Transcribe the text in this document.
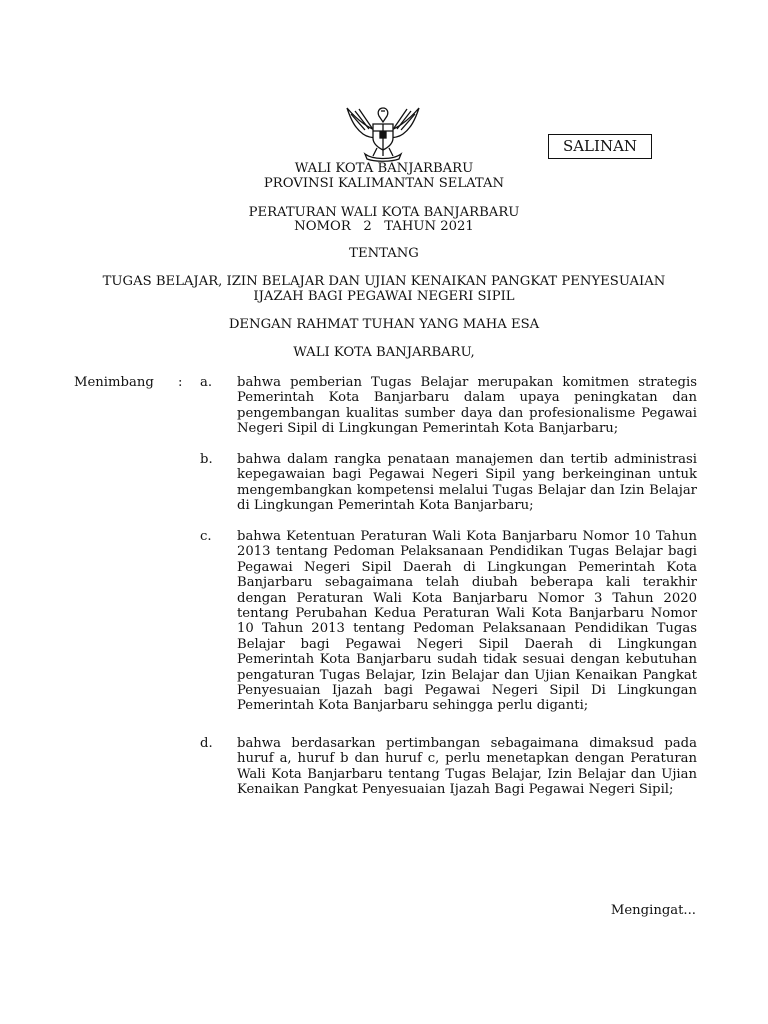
SALINAN
WALI KOTA BANJARBARU
PROVINSI KALIMANTAN SELATAN
PERATURAN WALI KOTA BANJARBARU
NOMOR   2   TAHUN 2021
TENTANG
TUGAS BELAJAR, IZIN BELAJAR DAN UJIAN KENAIKAN PANGKAT PENYESUAIAN
IJAZAH BAGI PEGAWAI NEGERI SIPIL
DENGAN RAHMAT TUHAN YANG MAHA ESA
WALI KOTA BANJARBARU,
Menimbang : a. bahwa pemberian Tugas Belajar merupakan komitmen strategis Pemerintah Kota Banjarbaru dalam upaya peningkatan dan pengembangan kualitas sumber daya dan profesionalisme Pegawai Negeri Sipil di Lingkungan Pemerintah Kota Banjarbaru;
b. bahwa dalam rangka penataan manajemen dan tertib administrasi kepegawaian bagi Pegawai Negeri Sipil yang berkeinginan untuk mengembangkan kompetensi melalui Tugas Belajar dan Izin Belajar di Lingkungan Pemerintah Kota Banjarbaru;
c. bahwa Ketentuan Peraturan Wali Kota Banjarbaru Nomor 10 Tahun 2013 tentang Pedoman Pelaksanaan Pendidikan Tugas Belajar bagi Pegawai Negeri Sipil Daerah di Lingkungan Pemerintah Kota Banjarbaru sebagaimana telah diubah beberapa kali terakhir dengan Peraturan Wali Kota Banjarbaru Nomor 3 Tahun 2020 tentang Perubahan Kedua Peraturan Wali Kota Banjarbaru Nomor 10 Tahun 2013 tentang Pedoman Pelaksanaan Pendidikan Tugas Belajar bagi Pegawai Negeri Sipil Daerah di Lingkungan Pemerintah Kota Banjarbaru sudah tidak sesuai dengan kebutuhan pengaturan Tugas Belajar, Izin Belajar dan Ujian Kenaikan Pangkat Penyesuaian Ijazah bagi Pegawai Negeri Sipil Di Lingkungan Pemerintah Kota Banjarbaru sehingga perlu diganti;
d. bahwa berdasarkan pertimbangan sebagaimana dimaksud pada huruf a, huruf b dan huruf c, perlu menetapkan dengan Peraturan Wali Kota Banjarbaru tentang Tugas Belajar, Izin Belajar dan Ujian Kenaikan Pangkat Penyesuaian Ijazah Bagi Pegawai Negeri Sipil;
Mengingat...
